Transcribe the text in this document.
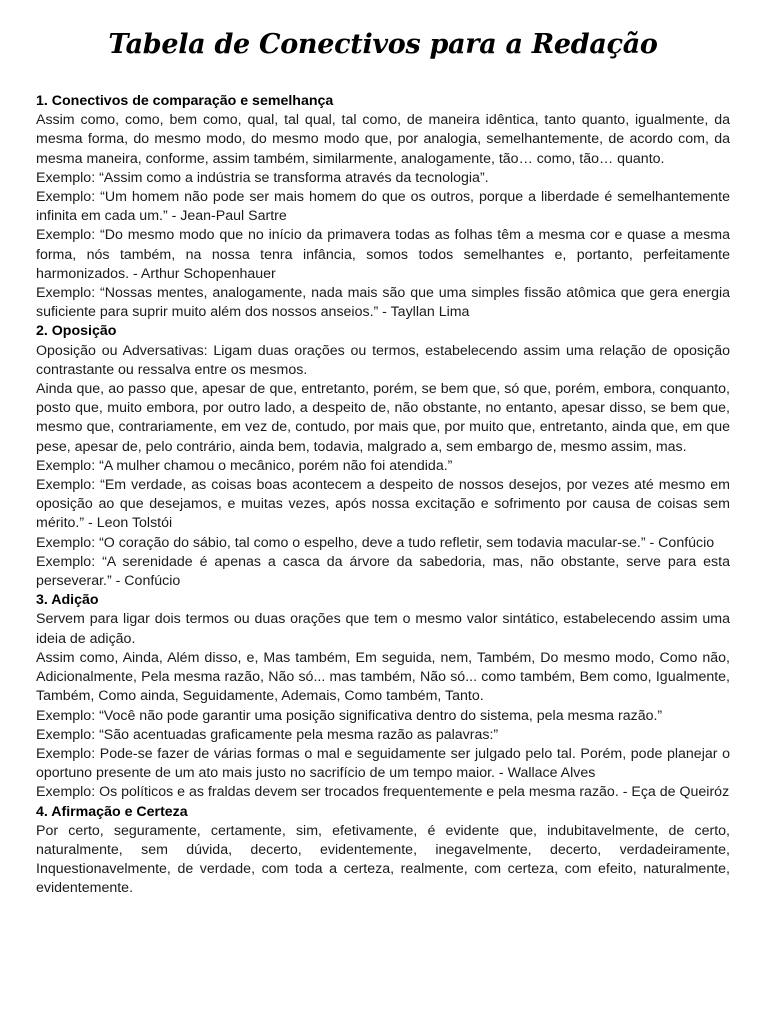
Tabela de Conectivos para a Redação

1. Conectivos de comparação e semelhança

Assim como, como, bem como, qual, tal qual, tal como, de maneira idêntica, tanto quanto, igualmente, da mesma forma, do mesmo modo, do mesmo modo que, por analogia, semelhantemente, de acordo com, da mesma maneira, conforme, assim também, similarmente, analogamente, tão… como, tão… quanto.

Exemplo: “Assim como a indústria se transforma através da tecnologia”.

Exemplo: “Um homem não pode ser mais homem do que os outros, porque a liberdade é semelhantemente infinita em cada um.” - Jean-Paul Sartre

Exemplo: “Do mesmo modo que no início da primavera todas as folhas têm a mesma cor e quase a mesma forma, nós também, na nossa tenra infância, somos todos semelhantes e, portanto, perfeitamente harmonizados. - Arthur Schopenhauer

Exemplo: “Nossas mentes, analogamente, nada mais são que uma simples fissão atômica que gera energia suficiente para suprir muito além dos nossos anseios.” - Tayllan Lima

2. Oposição

Oposição ou Adversativas: Ligam duas orações ou termos, estabelecendo assim uma relação de oposição contrastante ou ressalva entre os mesmos.

Ainda que, ao passo que, apesar de que, entretanto, porém, se bem que, só que, porém, embora, conquanto, posto que, muito embora, por outro lado, a despeito de, não obstante, no entanto, apesar disso, se bem que, mesmo que, contrariamente, em vez de, contudo, por mais que, por muito que, entretanto, ainda que, em que pese, apesar de, pelo contrário, ainda bem, todavia, malgrado a, sem embargo de, mesmo assim, mas.

Exemplo: “A mulher chamou o mecânico, porém não foi atendida.”

Exemplo: “Em verdade, as coisas boas acontecem a despeito de nossos desejos, por vezes até mesmo em oposição ao que desejamos, e muitas vezes, após nossa excitação e sofrimento por causa de coisas sem mérito.” - Leon Tolstói

Exemplo: “O coração do sábio, tal como o espelho, deve a tudo refletir, sem todavia macular-se.” - Confúcio

Exemplo: “A serenidade é apenas a casca da árvore da sabedoria, mas, não obstante, serve para esta perseverar.” - Confúcio

3. Adição

Servem para ligar dois termos ou duas orações que tem o mesmo valor sintático, estabelecendo assim uma ideia de adição.

Assim como, Ainda, Além disso, e, Mas também, Em seguida, nem, Também, Do mesmo modo, Como não, Adicionalmente, Pela mesma razão, Não só... mas também, Não só... como também, Bem como, Igualmente, Também, Como ainda, Seguidamente, Ademais, Como também, Tanto.

Exemplo: “Você não pode garantir uma posição significativa dentro do sistema, pela mesma razão.”

Exemplo: “São acentuadas graficamente pela mesma razão as palavras:”

Exemplo: Pode-se fazer de várias formas o mal e seguidamente ser julgado pelo tal. Porém, pode planejar o oportuno presente de um ato mais justo no sacrifício de um tempo maior. - Wallace Alves

Exemplo: Os políticos e as fraldas devem ser trocados frequentemente e pela mesma razão. - Eça de Queiróz

4. Afirmação e Certeza

Por certo, seguramente, certamente, sim, efetivamente, é evidente que, indubitavelmente, de certo, naturalmente, sem dúvida, decerto, evidentemente, inegavelmente, decerto, verdadeiramente, Inquestionavelmente, de verdade, com toda a certeza, realmente, com certeza, com efeito, naturalmente, evidentemente.
